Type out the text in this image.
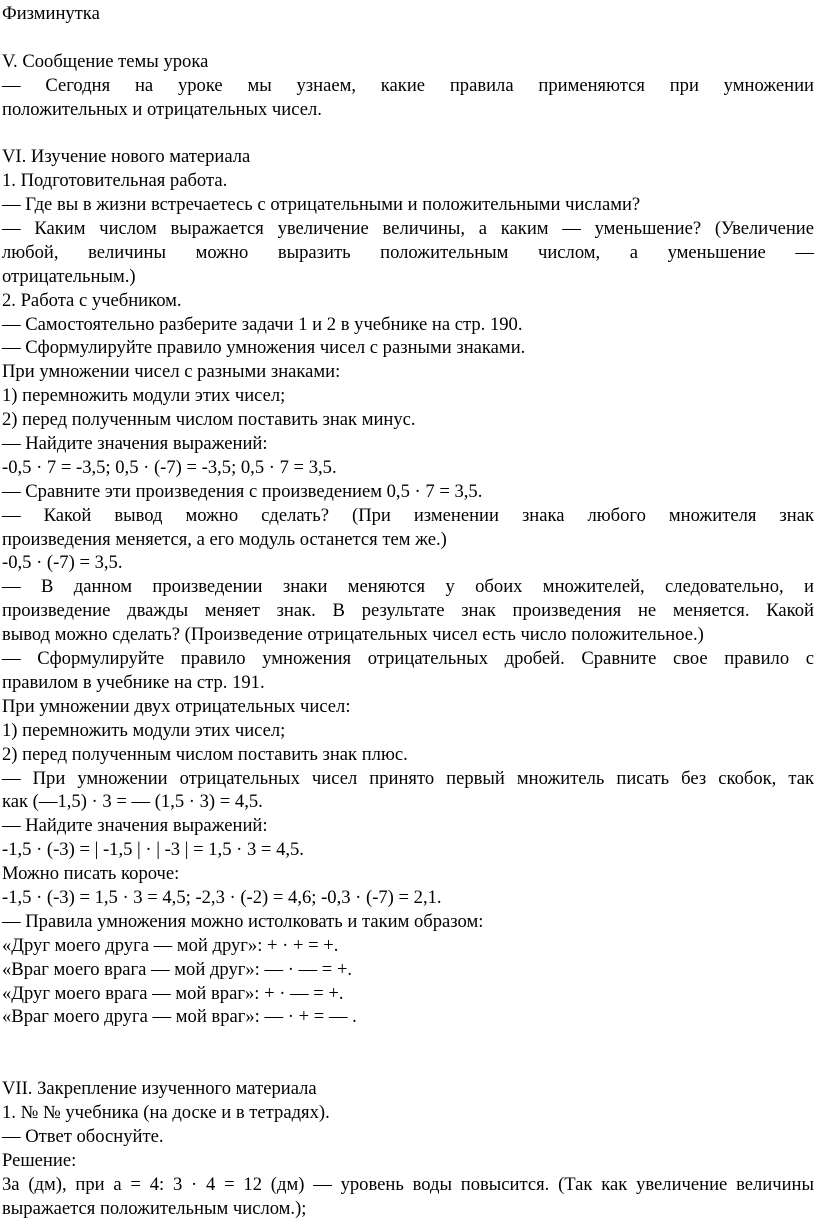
Физминутка
V. Сообщение темы урока
— Сегодня на уроке мы узнаем, какие правила применяются при умножении
положительных и отрицательных чисел.
VI. Изучение нового материала
1. Подготовительная работа.
— Где вы в жизни встречаетесь с отрицательными и положительными числами?
— Каким числом выражается увеличение величины, а каким — уменьшение? (Увеличение
любой, величины можно выразить положительным числом, а уменьшение —
отрицательным.)
2. Работа с учебником.
— Самостоятельно разберите задачи 1 и 2 в учебнике на стр. 190.
— Сформулируйте правило умножения чисел с разными знаками.
При умножении чисел с разными знаками:
1) перемножить модули этих чисел;
2) перед полученным числом поставить знак минус.
— Найдите значения выражений:
-0,5 · 7 = -3,5; 0,5 · (-7) = -3,5; 0,5 · 7 = 3,5.
— Сравните эти произведения с произведением 0,5 · 7 = 3,5.
— Какой вывод можно сделать? (При изменении знака любого множителя знак
произведения меняется, а его модуль останется тем же.)
-0,5 · (-7) = 3,5.
— В данном произведении знаки меняются у обоих множителей, следовательно, и
произведение дважды меняет знак. В результате знак произведения не меняется. Какой
вывод можно сделать? (Произведение отрицательных чисел есть число положительное.)
— Сформулируйте правило умножения отрицательных дробей. Сравните свое правило с
правилом в учебнике на стр. 191.
При умножении двух отрицательных чисел:
1) перемножить модули этих чисел;
2) перед полученным числом поставить знак плюс.
— При умножении отрицательных чисел принято первый множитель писать без скобок, так
как (—1,5) · 3 = — (1,5 · 3) = 4,5.
— Найдите значения выражений:
-1,5 · (-3) = | -1,5 | · | -3 | = 1,5 · 3 = 4,5.
Можно писать короче:
-1,5 · (-3) = 1,5 · 3 = 4,5; -2,3 · (-2) = 4,6; -0,3 · (-7) = 2,1.
— Правила умножения можно истолковать и таким образом:
«Друг моего друга — мой друг»: + · + = +.
«Враг моего врага — мой друг»: — · — = +.
«Друг моего врага — мой враг»: + · — = +.
«Враг моего друга — мой враг»: — · + = — .
VII. Закрепление изученного материала
1. № № учебника (на доске и в тетрадях).
— Ответ обоснуйте.
Решение:
3а (дм), при а = 4: 3 · 4 = 12 (дм) — уровень воды повысится. (Так как увеличение величины
выражается положительным числом.);
